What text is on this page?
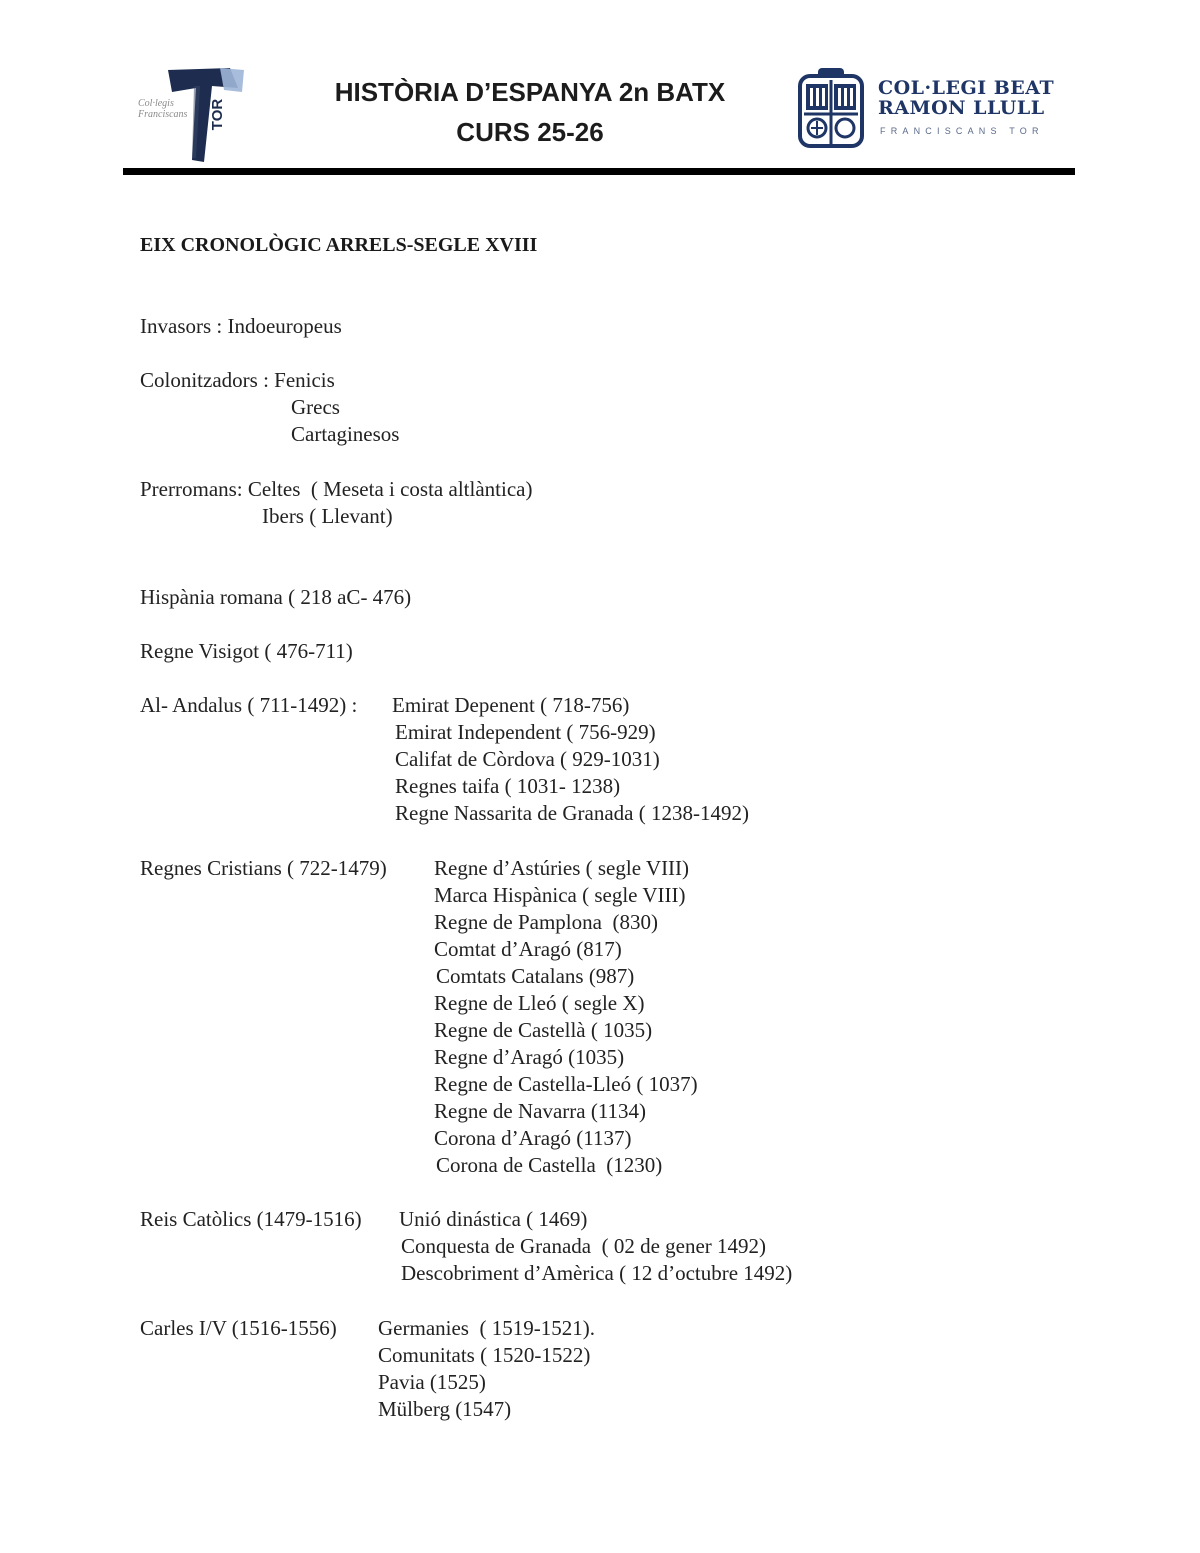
Col·legis
Franciscans TOR
HISTÒRIA D’ESPANYA 2n BATX
CURS 25-26
COL·LEGI BEAT
RAMON LLULL
FRANCISCANS TOR
EIX CRONOLÒGIC ARRELS-SEGLE XVIII
Invasors : Indoeuropeus
Colonitzadors : Fenicis
Grecs
Cartaginesos
Prerromans: Celtes  ( Meseta i costa altlàntica)
Ibers ( Llevant)
Hispània romana ( 218 aC- 476)
Regne Visigot ( 476-711)
Al- Andalus ( 711-1492) : Emirat Depenent ( 718-756)
Emirat Independent ( 756-929)
Califat de Còrdova ( 929-1031)
Regnes taifa ( 1031- 1238)
Regne Nassarita de Granada ( 1238-1492)
Regnes Cristians ( 722-1479) Regne d’Astúries ( segle VIII)
Marca Hispànica ( segle VIII)
Regne de Pamplona  (830)
Comtat d’Aragó (817)
Comtats Catalans (987)
Regne de Lleó ( segle X)
Regne de Castellà ( 1035)
Regne d’Aragó (1035)
Regne de Castella-Lleó ( 1037)
Regne de Navarra (1134)
Corona d’Aragó (1137)
Corona de Castella  (1230)
Reis Catòlics (1479-1516) Unió dinástica ( 1469)
Conquesta de Granada  ( 02 de gener 1492)
Descobriment d’Amèrica ( 12 d’octubre 1492)
Carles I/V (1516-1556) Germanies  ( 1519-1521).
Comunitats ( 1520-1522)
Pavia (1525)
Mülberg (1547)
